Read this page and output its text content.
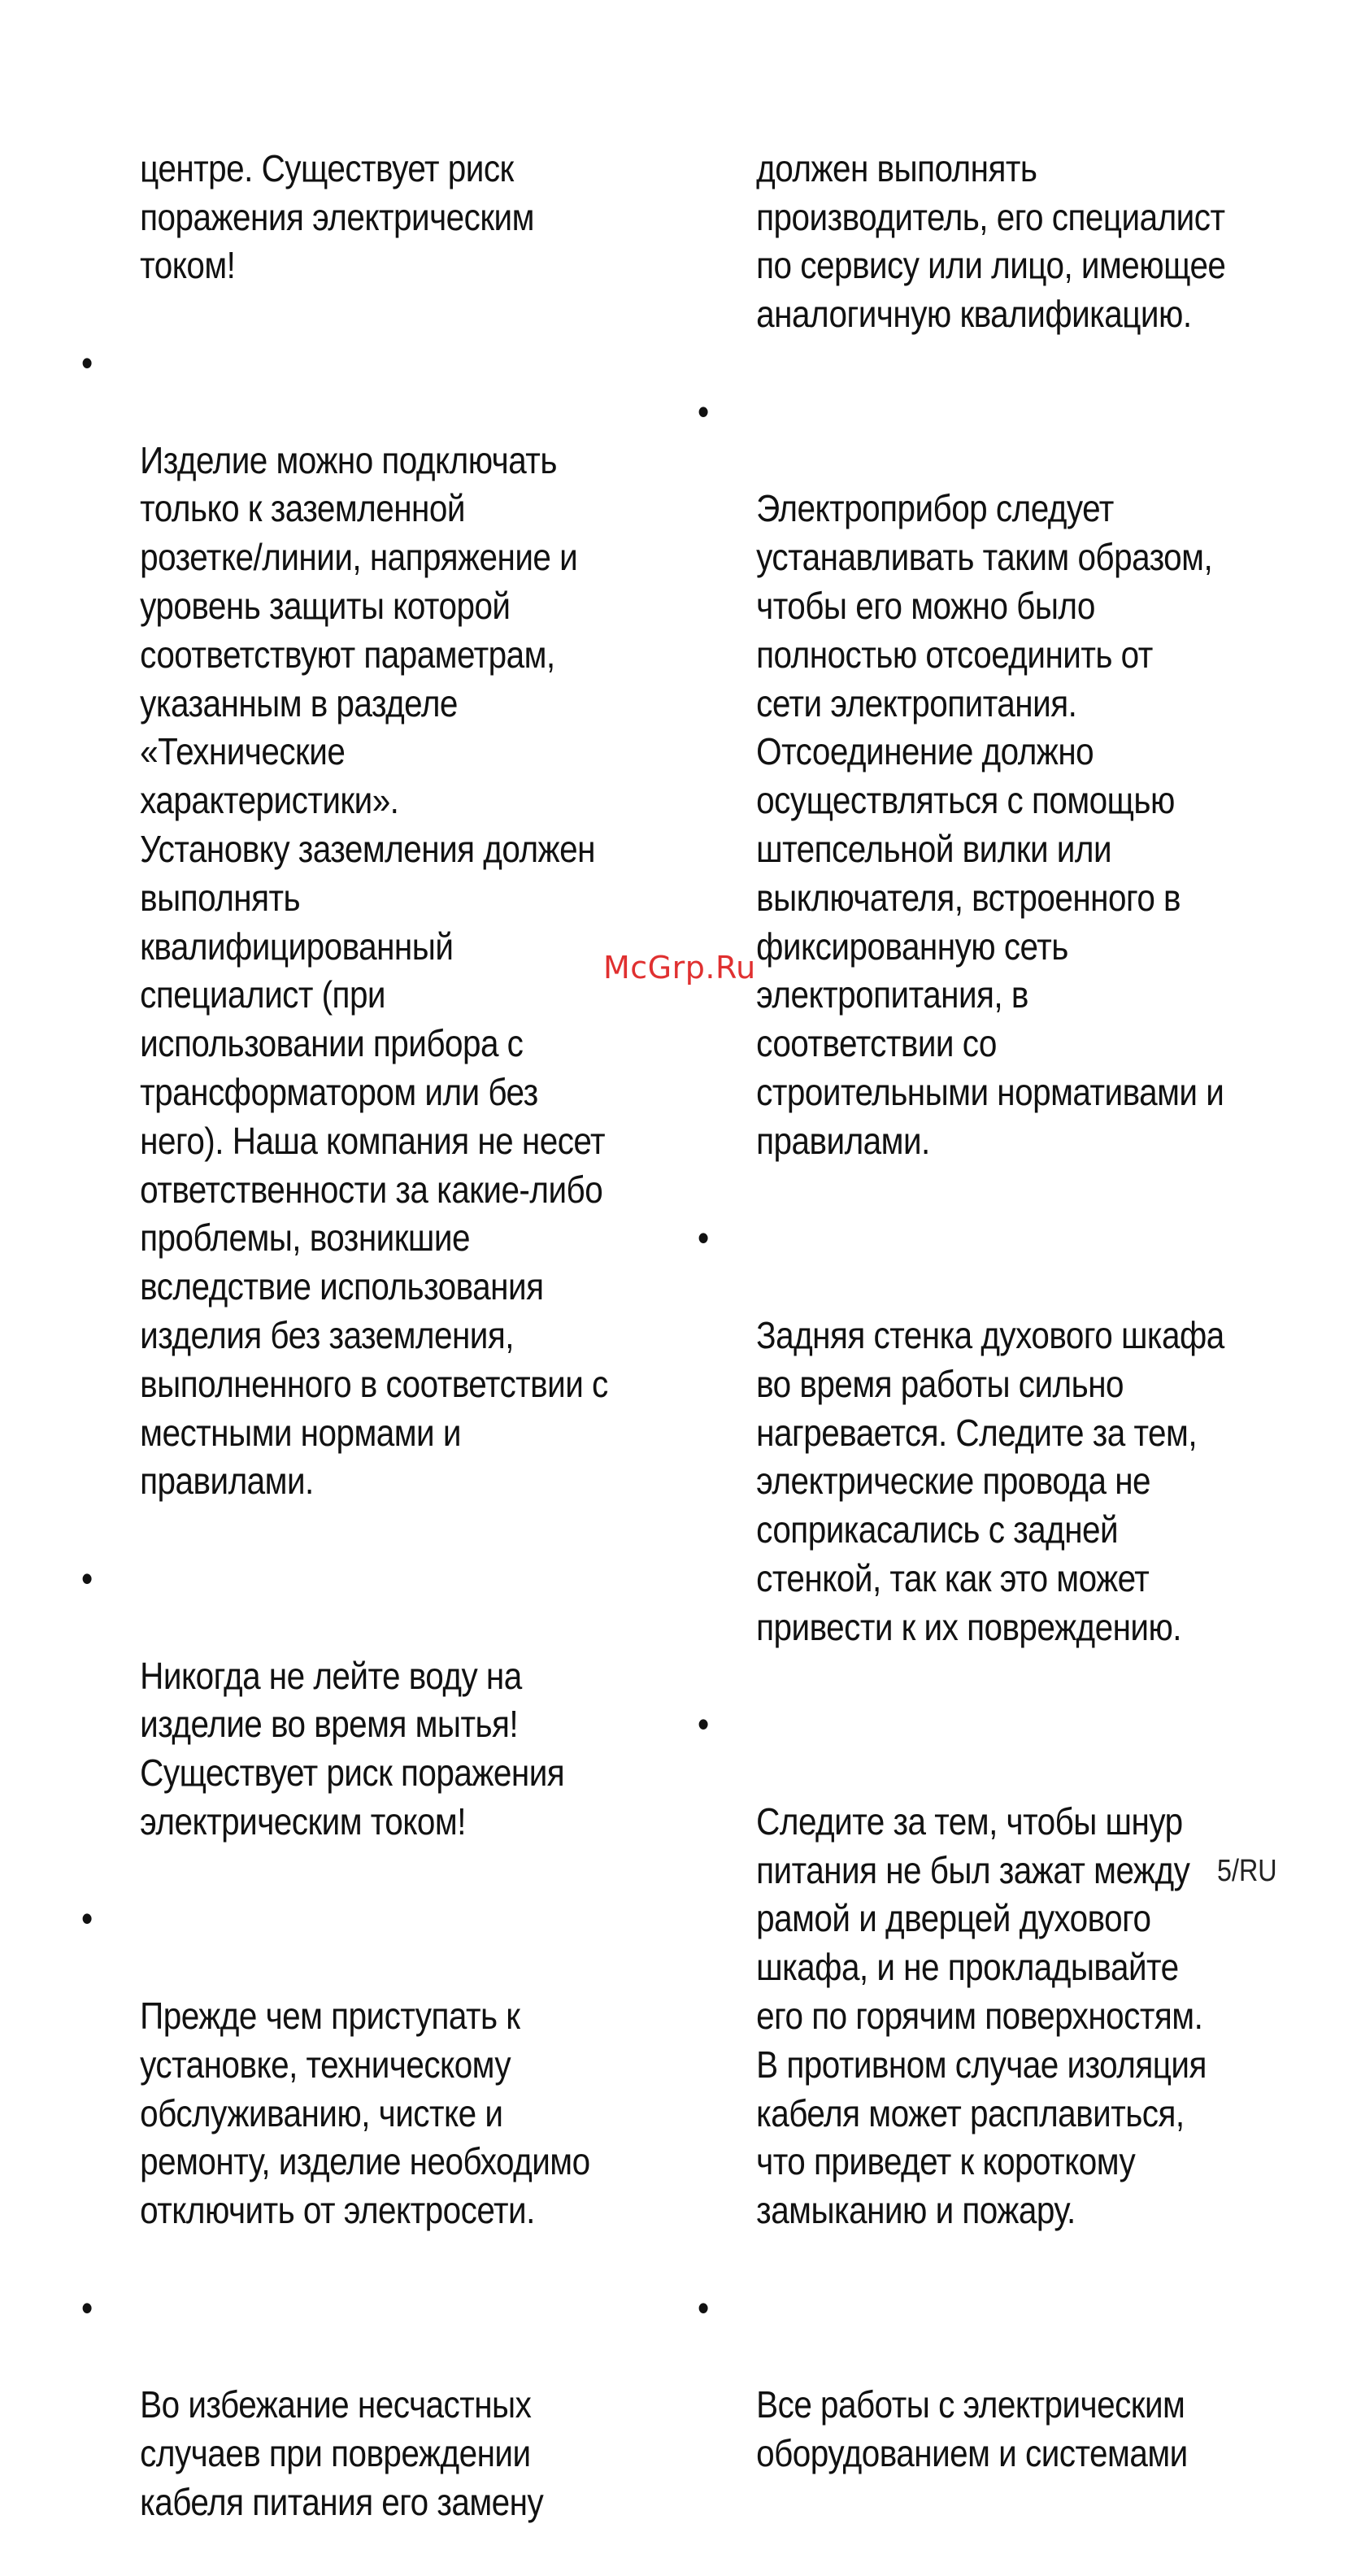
центре. Существует риск
поражения электрическим
током!

•

Изделие можно подключать
только к заземленной
розетке/линии, напряжение и
уровень защиты которой
соответствуют параметрам,
указанным в разделе
«Технические характеристики».
Установку заземления должен
выполнять
квалифицированный
специалист (при
использовании прибора с
трансформатором или без
него). Наша компания не несет
ответственности за какие-либо
проблемы, возникшие
вследствие использования
изделия без заземления,
выполненного в соответствии с
местными нормами и
правилами.

•

Никогда не лейте воду на
изделие во время мытья!
Существует риск поражения
электрическим током!

•

Прежде чем приступать к
установке, техническому
обслуживанию, чистке и
ремонту, изделие необходимо
отключить от электросети.

•

Во избежание несчастных
случаев при повреждении
кабеля питания его замену

должен выполнять
производитель, его специалист
по сервису или лицо, имеющее
аналогичную квалификацию.

•

Электроприбор следует
устанавливать таким образом,
чтобы его можно было
полностью отсоединить от
сети электропитания.
Отсоединение должно
осуществляться с помощью
штепсельной вилки или
выключателя, встроенного в
фиксированную сеть
электропитания, в
соответствии со
строительными нормативами и
правилами.

•

Задняя стенка духового шкафа
во время работы сильно
нагревается. Следите за тем,
электрические провода не
соприкасались с задней
стенкой, так как это может
привести к их повреждению.

•

Следите за тем, чтобы шнур
питания не был зажат между
рамой и дверцей духового
шкафа, и не прокладывайте
его по горячим поверхностям.
В противном случае изоляция
кабеля может расплавиться,
что приведет к короткому
замыканию и пожару.

•

Все работы с электрическим
оборудованием и системами

McGrp.Ru
5/RU
